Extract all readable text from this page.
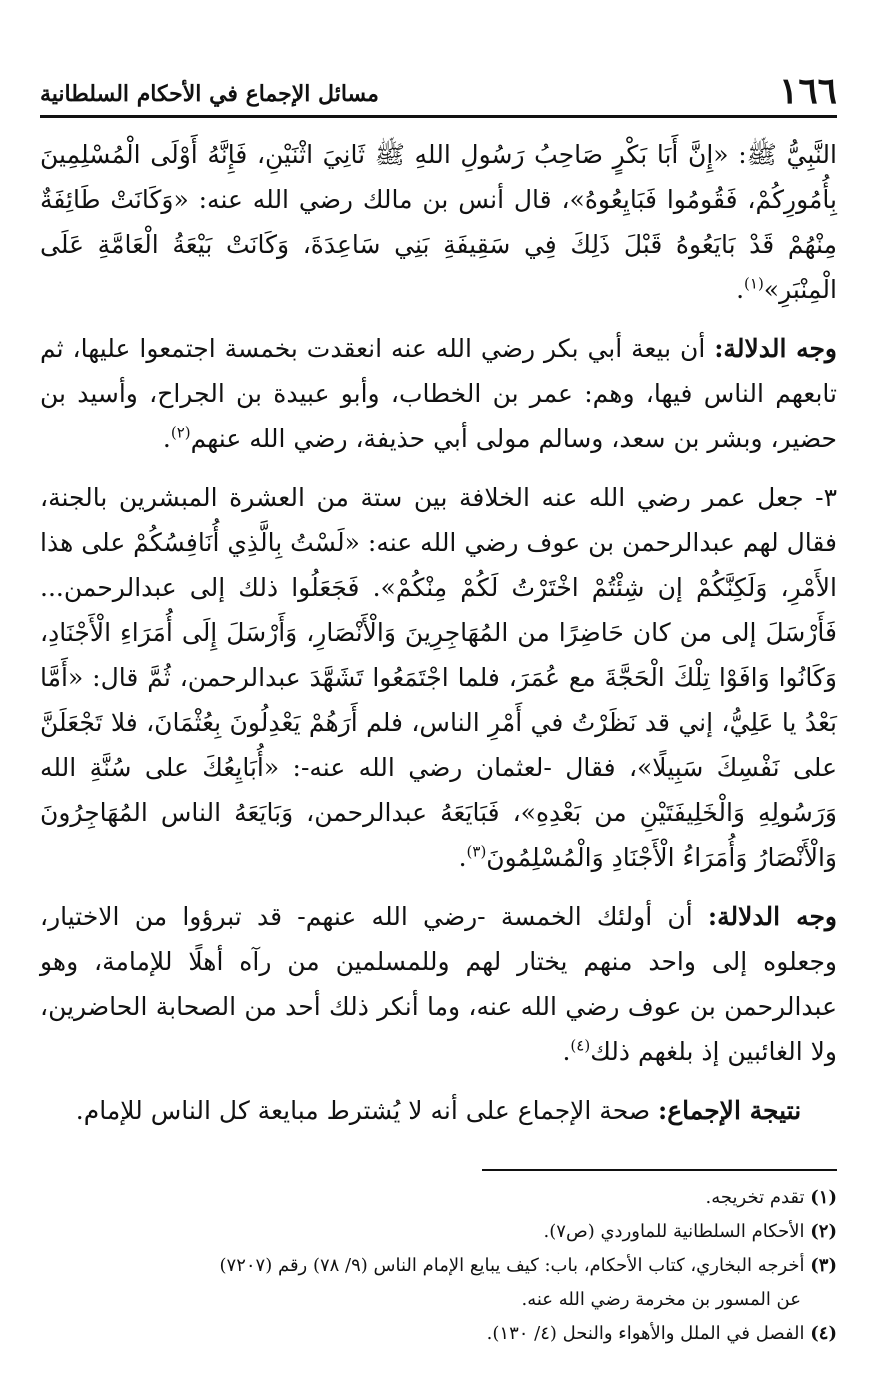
١٦٦
مسائل الإجماع في الأحكام السلطانية

النَّبِيُّ ﷺ: «إِنَّ أَبَا بَكْرٍ صَاحِبُ رَسُولِ اللهِ ﷺ ثَانِيَ اثْنَيْنِ، فَإِنَّهُ أَوْلَى الْمُسْلِمِينَ بِأُمُورِكُمْ، فَقُومُوا فَبَايِعُوهُ»، قال أنس بن مالك رضي الله عنه: «وَكَانَتْ طَائِفَةٌ مِنْهُمْ قَدْ بَايَعُوهُ قَبْلَ ذَلِكَ فِي سَقِيفَةِ بَنِي سَاعِدَةَ، وَكَانَتْ بَيْعَةُ الْعَامَّةِ عَلَى الْمِنْبَرِ»$^{(١)}$.

وجه الدلالة: أن بيعة أبي بكر رضي الله عنه انعقدت بخمسة اجتمعوا عليها، ثم تابعهم الناس فيها، وهم: عمر بن الخطاب، وأبو عبيدة بن الجراح، وأسيد بن حضير، وبشر بن سعد، وسالم مولى أبي حذيفة، رضي الله عنهم$^{(٢)}$.

٣- جعل عمر رضي الله عنه الخلافة بين ستة من العشرة المبشرين بالجنة، فقال لهم عبدالرحمن بن عوف رضي الله عنه: «لَسْتُ بِالَّذِي أُنَافِسُكُمْ على هذا الأَمْرِ، وَلَكِنَّكُمْ إن شِئْتُمْ اخْتَرْتُ لَكُمْ مِنْكُمْ». فَجَعَلُوا ذلك إلى عبدالرحمن... فَأَرْسَلَ إلى من كان حَاضِرًا من المُهَاجِرِينَ وَالْأَنْصَارِ، وَأَرْسَلَ إِلَى أُمَرَاءِ الْأَجْنَادِ، وَكَانُوا وَافَوْا تِلْكَ الْحَجَّةَ مع عُمَرَ، فلما اجْتَمَعُوا تَشَهَّدَ عبدالرحمن، ثُمَّ قال: «أَمَّا بَعْدُ يا عَلِيُّ، إني قد نَظَرْتُ في أَمْرِ الناس، فلم أَرَهُمْ يَعْدِلُونَ بِعُثْمَانَ، فلا تَجْعَلَنَّ على نَفْسِكَ سَبِيلًا»، فقال -لعثمان رضي الله عنه-: «أُبَايِعُكَ على سُنَّةِ الله وَرَسُولِهِ وَالْخَلِيفَتَيْنِ من بَعْدِهِ»، فَبَايَعَهُ عبدالرحمن، وَبَايَعَهُ الناس المُهَاجِرُونَ وَالْأَنْصَارُ وَأُمَرَاءُ الْأَجْنَادِ وَالْمُسْلِمُونَ$^{(٣)}$.

وجه الدلالة: أن أولئك الخمسة -رضي الله عنهم- قد تبرؤوا من الاختيار، وجعلوه إلى واحد منهم يختار لهم وللمسلمين من رآه أهلًا للإمامة، وهو عبدالرحمن بن عوف رضي الله عنه، وما أنكر ذلك أحد من الصحابة الحاضرين، ولا الغائبين إذ بلغهم ذلك$^{(٤)}$.

نتيجة الإجماع: صحة الإجماع على أنه لا يُشترط مبايعة كل الناس للإمام.

(١) تقدم تخريجه.

(٢) الأحكام السلطانية للماوردي (ص٧).

(٣) أخرجه البخاري، كتاب الأحكام، باب: كيف يبايع الإمام الناس (٩/ ٧٨) رقم (٧٢٠٧)

عن المسور بن مخرمة رضي الله عنه.

(٤) الفصل في الملل والأهواء والنحل (٤/ ١٣٠).
